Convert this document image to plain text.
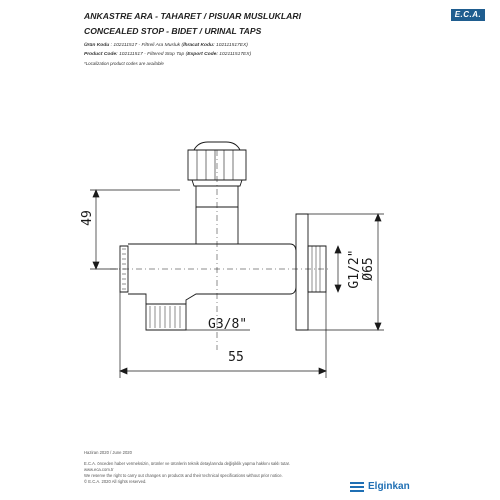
ANKASTRE ARA - TAHARET / PISUAR MUSLUKLARI
CONCEALED STOP - BIDET / URINAL TAPS
E.C.A.
Ürün Kodu : 102111517 - Filtreli Ara Musluk (İhracat Kodu: 102111517EX)
Product Code: 102111517 - Filtered Stop Tap (Export Code: 102111517EX)
*Localization product codes are available
49
G1/2" Ø65
G3/8"
55
Haziran 2020 / June 2020
E.C.A. önceden haber vermeksizin, ürünler ve ürünlerin teknik detaylarında değişiklik yapma hakkını saklı tutar.
www.eca.com.tr
We reserve the right to carry out changes on products and their technical specifications without prior notice.
© E.C.A. 2020 All rights reserved.	Elginkan
